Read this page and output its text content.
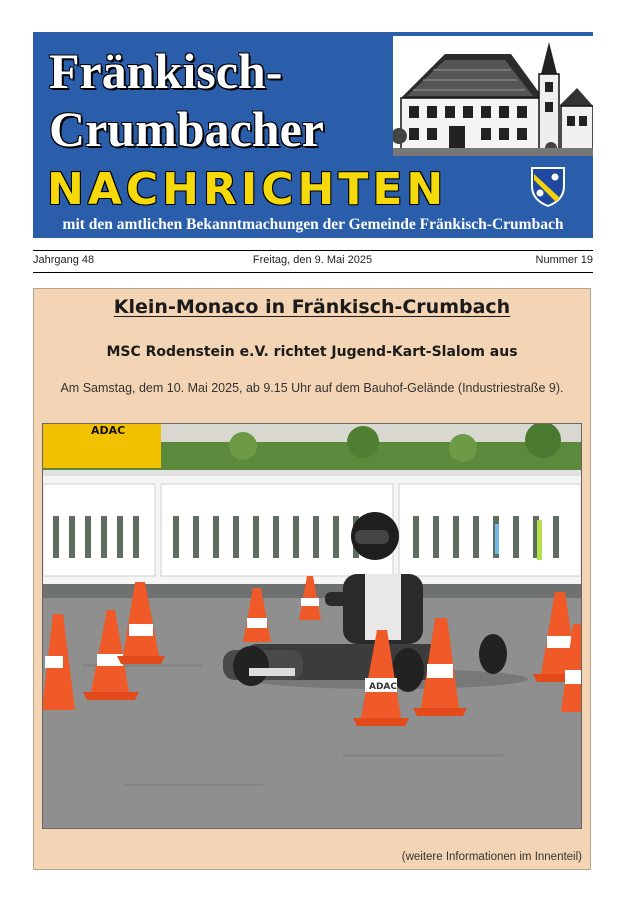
Fränkisch-
Crumbacher
NACHRICHTEN
mit den amtlichen Bekanntmachungen der Gemeinde Fränkisch-Crumbach
Jahrgang 48	Freitag, den 9. Mai 2025	Nummer 19
Klein-Monaco in Fränkisch-Crumbach
MSC Rodenstein e.V. richtet Jugend-Kart-Slalom aus
Am Samstag, dem 10. Mai 2025, ab 9.15 Uhr auf dem Bauhof-Gelände (Industriestraße 9).
ADAC
ADAC
(weitere Informationen im Innenteil)
